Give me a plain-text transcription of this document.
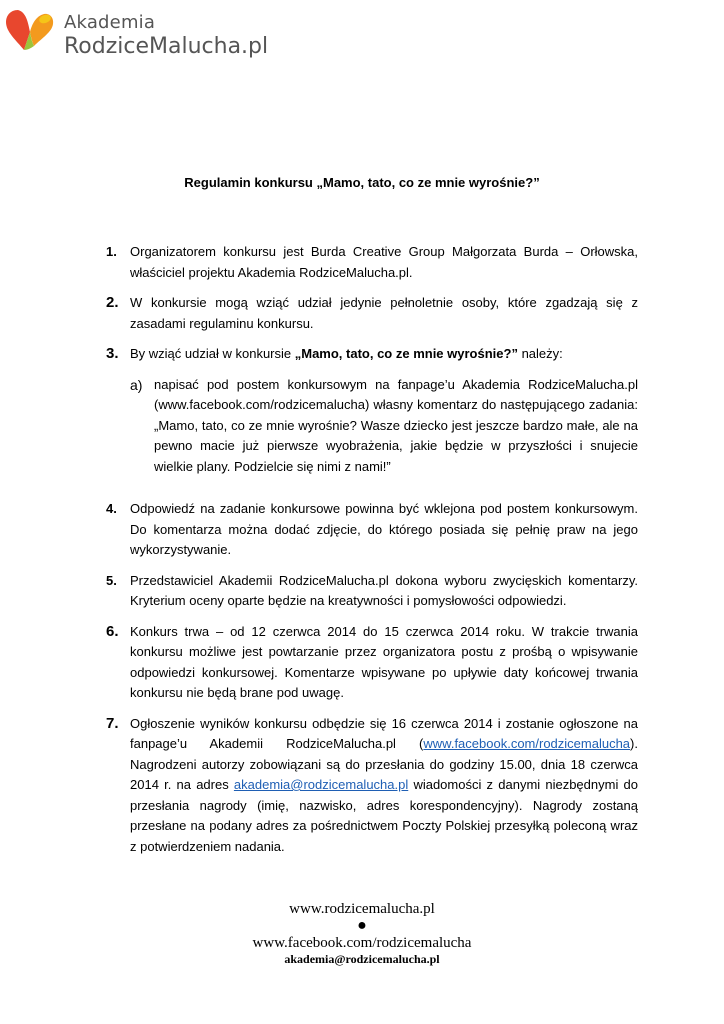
Akademia
RodziceMalucha.pl
Regulamin konkursu „Mamo, tato, co ze mnie wyrośnie?”
1. Organizatorem konkursu jest Burda Creative Group Małgorzata Burda – Orłowska, właściciel projektu Akademia RodziceMalucha.pl.

2. W konkursie mogą wziąć udział jedynie pełnoletnie osoby, które zgadzają się z zasadami regulaminu konkursu.

3. By wziąć udział w konkursie „Mamo, tato, co ze mnie wyrośnie?” należy:

a) napisać pod postem konkursowym na fanpage’u Akademia RodziceMalucha.pl (www.facebook.com/rodzicemalucha) własny komentarz do następującego zadania: „Mamo, tato, co ze mnie wyrośnie? Wasze dziecko jest jeszcze bardzo małe, ale na pewno macie już pierwsze wyobrażenia, jakie będzie w przyszłości i snujecie wielkie plany. Podzielcie się nimi z nami!”

4. Odpowiedź na zadanie konkursowe powinna być wklejona pod postem konkursowym. Do komentarza można dodać zdjęcie, do którego posiada się pełnię praw na jego wykorzystywanie.

5. Przedstawiciel Akademii RodziceMalucha.pl dokona wyboru zwycięskich komentarzy. Kryterium oceny oparte będzie na kreatywności i pomysłowości odpowiedzi.

6. Konkurs trwa – od 12 czerwca 2014 do 15 czerwca 2014 roku. W trakcie trwania konkursu możliwe jest powtarzanie przez organizatora postu z prośbą o wpisywanie odpowiedzi konkursowej. Komentarze wpisywane po upływie daty końcowej trwania konkursu nie będą brane pod uwagę.

7. Ogłoszenie wyników konkursu odbędzie się 16 czerwca 2014 i zostanie ogłoszone na fanpage’u Akademii RodziceMalucha.pl (www.facebook.com/rodzicemalucha). Nagrodzeni autorzy zobowiązani są do przesłania do godziny 15.00, dnia 18 czerwca 2014 r. na adres akademia@rodzicemalucha.pl wiadomości z danymi niezbędnymi do przesłania nagrody (imię, nazwisko, adres korespondencyjny). Nagrody zostaną przesłane na podany adres za pośrednictwem Poczty Polskiej przesyłką poleconą wraz z potwierdzeniem nadania.

www.rodzicemalucha.pl
●
www.facebook.com/rodzicemalucha
akademia@rodzicemalucha.pl
